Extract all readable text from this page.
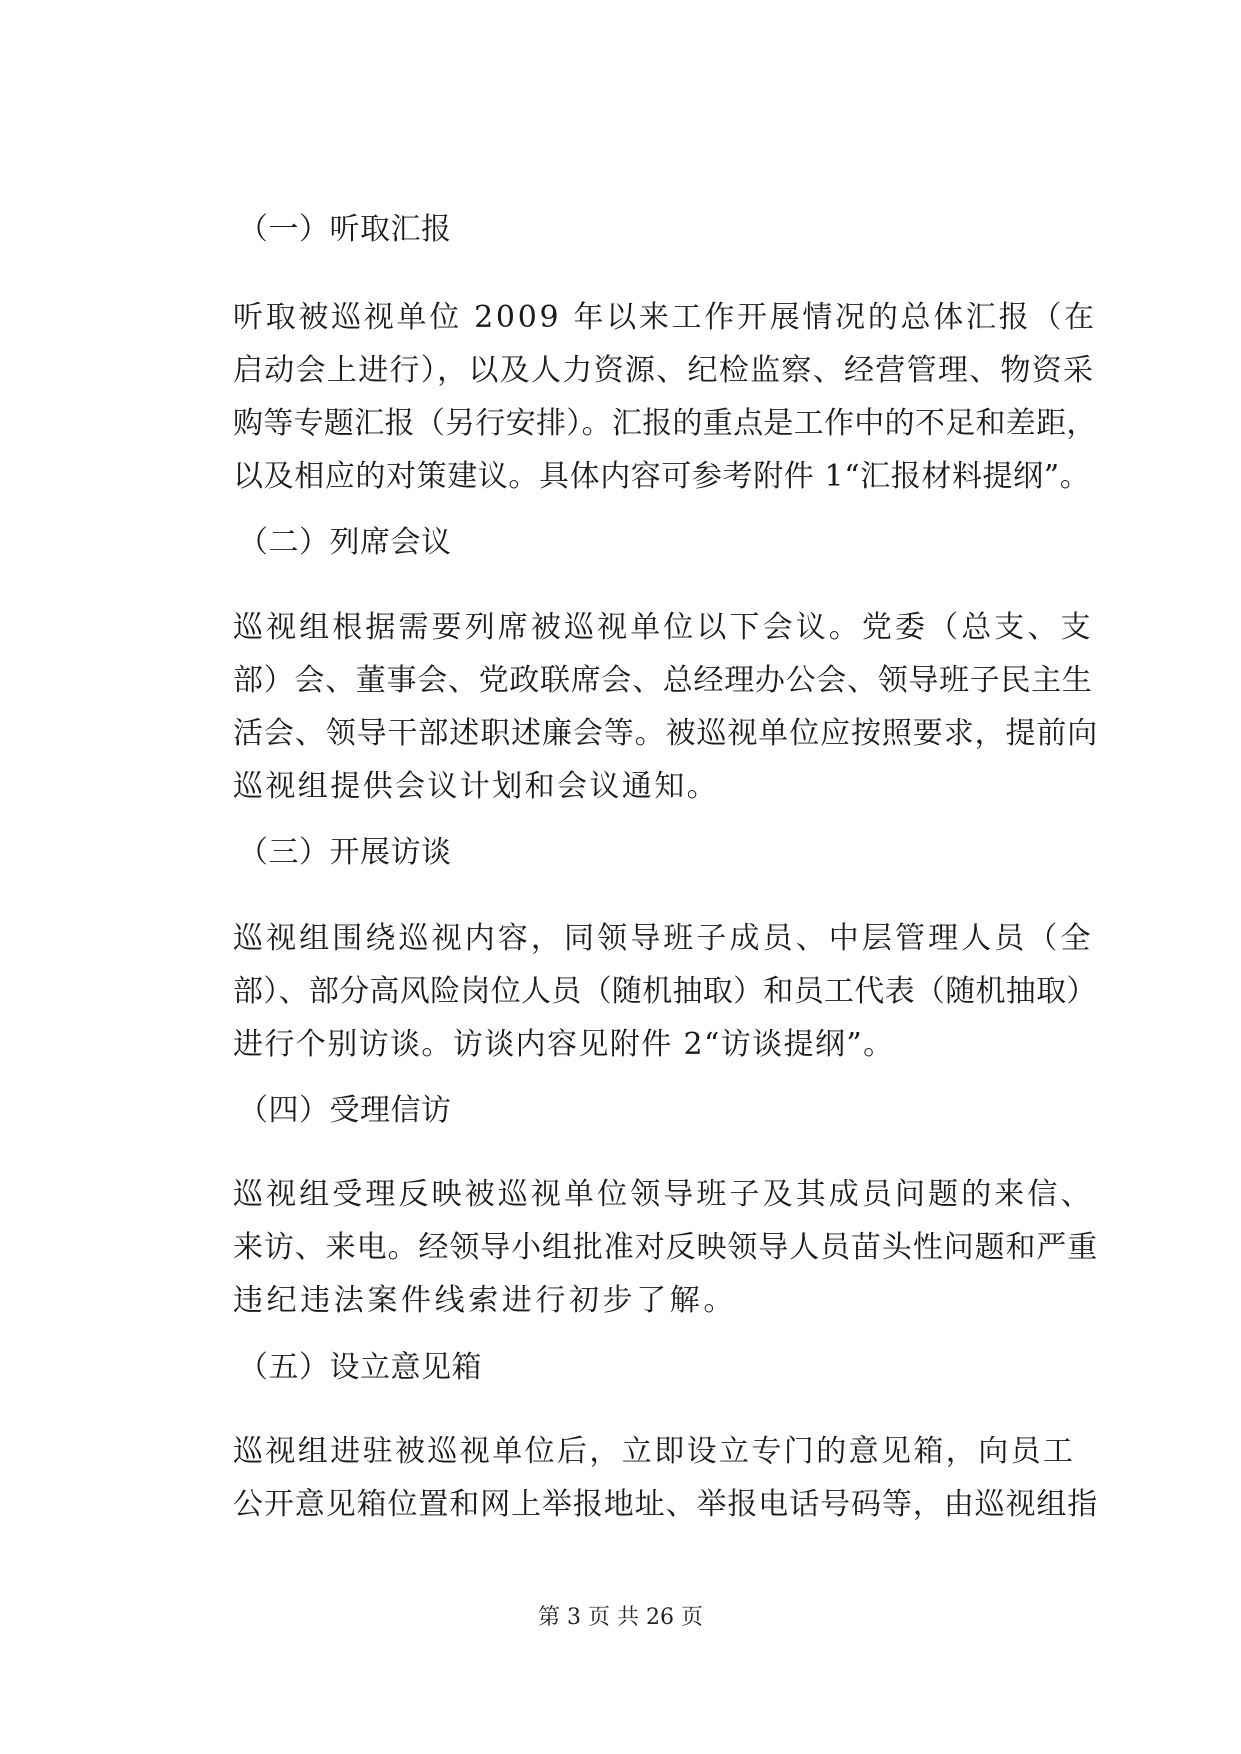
（一）听取汇报
听取被巡视单位 2009 年以来工作开展情况的总体汇报（在
启动会上进行），以及人力资源、纪检监察、经营管理、物资采
购等专题汇报（另行安排）。汇报的重点是工作中的不足和差距，
以及相应的对策建议。具体内容可参考附件 1“汇报材料提纲”。
（二）列席会议
巡视组根据需要列席被巡视单位以下会议。党委（总支、支
部）会、董事会、党政联席会、总经理办公会、领导班子民主生
活会、领导干部述职述廉会等。被巡视单位应按照要求，提前向
巡视组提供会议计划和会议通知。
（三）开展访谈
巡视组围绕巡视内容，同领导班子成员、中层管理人员（全
部）、部分高风险岗位人员（随机抽取）和员工代表（随机抽取）
进行个别访谈。访谈内容见附件 2“访谈提纲”。
（四）受理信访
巡视组受理反映被巡视单位领导班子及其成员问题的来信、
来访、来电。经领导小组批准对反映领导人员苗头性问题和严重
违纪违法案件线索进行初步了解。
（五）设立意见箱
巡视组进驻被巡视单位后，立即设立专门的意见箱，向员工
公开意见箱位置和网上举报地址、举报电话号码等，由巡视组指
第 3 页 共 26 页
